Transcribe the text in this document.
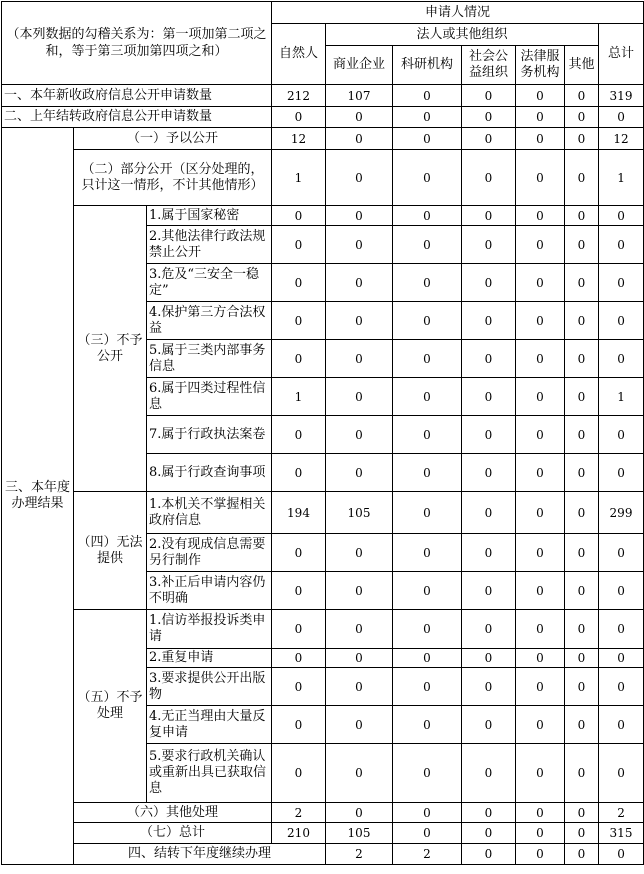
（本列数据的勾稽关系为：第一项加第二项之和，等于第三项加第四项之和）			申请人情况							
			自然人	法人或其他组织					总计	
				商业企业	科研机构	社会公益组织	法律服务机构	其他		
一、本年新收政府信息公开申请数量			212	107	0	0	0	0	319	
二、上年结转政府信息公开申请数量			0	0	0	0	0	0	0	
三、本年度办理结果	（一）予以公开		12	0	0	0	0	0	12	
	（二）部分公开（区分处理的，只计这一情形，不计其他情形）		1	0	0	0	0	0	1	
	（三）不予公开	1.属于国家秘密	0	0	0	0	0	0	0	
		2.其他法律行政法规禁止公开	0	0	0	0	0	0	0	
		3.危及“三安全一稳定”	0	0	0	0	0	0	0	
		4.保护第三方合法权益	0	0	0	0	0	0	0	
		5.属于三类内部事务信息	0	0	0	0	0	0	0	
		6.属于四类过程性信息	1	0	0	0	0	0	1	
		7.属于行政执法案卷	0	0	0	0	0	0	0	
		8.属于行政查询事项	0	0	0	0	0	0	0	
	（四）无法提供	1.本机关不掌握相关政府信息	194	105	0	0	0	0	299	
		2.没有现成信息需要另行制作	0	0	0	0	0	0	0	
		3.补正后申请内容仍不明确	0	0	0	0	0	0	0	
	（五）不予处理	1.信访举报投诉类申请	0	0	0	0	0	0	0	
		2.重复申请	0	0	0	0	0	0	0	
		3.要求提供公开出版物	0	0	0	0	0	0	0	
		4.无正当理由大量反复申请	0	0	0	0	0	0	0	
		5.要求行政机关确认或重新出具已获取信息	0	0	0	0	0	0	0	
	（六）其他处理		2	0	0	0	0	0	2	
	（七）总计		210	105	0	0	0	0	315	
	四、结转下年度继续办理			2	2	0	0	0	0	
